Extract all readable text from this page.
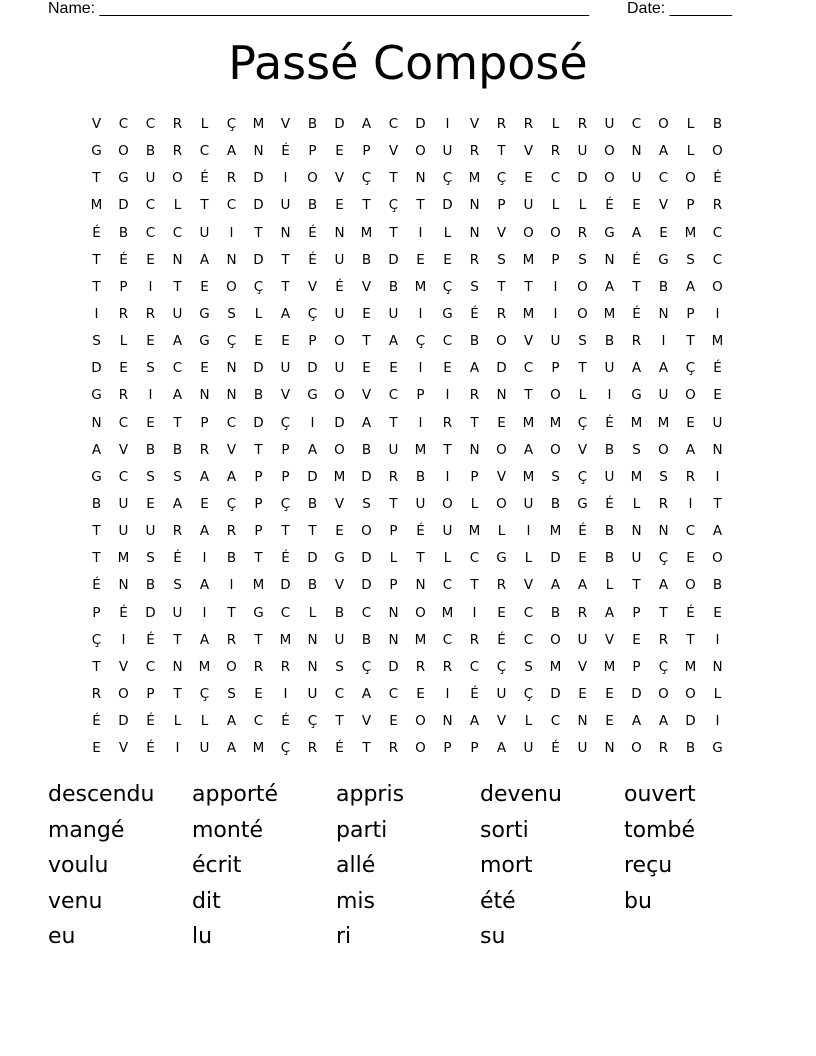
Name: _______________________________________________________ Date: _______
Passé Composé
V	C	C	R	L	Ç	M	V	B	D	A	C	D	I	V	R	R	L	R	U	C	O	L	B
G	O	B	R	C	A	N	É	P	E	P	V	O	U	R	T	V	R	U	O	N	A	L	O
T	G	U	O	É	R	D	I	O	V	Ç	T	N	Ç	M	Ç	E	C	D	O	U	C	O	É
M	D	C	L	T	C	D	U	B	E	T	Ç	T	D	N	P	U	L	L	É	E	V	P	R
É	B	C	C	U	I	T	N	É	N	M	T	I	L	N	V	O	O	R	G	A	E	M	C
T	É	E	N	A	N	D	T	É	U	B	D	E	E	R	S	M	P	S	N	É	G	S	C
T	P	I	T	E	O	Ç	T	V	É	V	B	M	Ç	S	T	T	I	O	A	T	B	A	O
I	R	R	U	G	S	L	A	Ç	U	E	U	I	G	É	R	M	I	O	M	É	N	P	I
S	L	E	A	G	Ç	E	E	P	O	T	A	Ç	C	B	O	V	U	S	B	R	I	T	M
D	E	S	C	E	N	D	U	D	U	E	E	I	E	A	D	C	P	T	U	A	A	Ç	É
G	R	I	A	N	N	B	V	G	O	V	C	P	I	R	N	T	O	L	I	G	U	O	E
N	C	E	T	P	C	D	Ç	I	D	A	T	I	R	T	E	M	M	Ç	É	M	M	E	U
A	V	B	B	R	V	T	P	A	O	B	U	M	T	N	O	A	O	V	B	S	O	A	N
G	C	S	S	A	A	P	P	D	M	D	R	B	I	P	V	M	S	Ç	U	M	S	R	I
B	U	E	A	E	Ç	P	Ç	B	V	S	T	U	O	L	O	U	B	G	É	L	R	I	T
T	U	U	R	A	R	P	T	T	E	O	P	É	U	M	L	I	M	É	B	N	N	C	A
T	M	S	É	I	B	T	É	D	G	D	L	T	L	C	G	L	D	E	B	U	Ç	E	O
É	N	B	S	A	I	M	D	B	V	D	P	N	C	T	R	V	A	A	L	T	A	O	B
P	É	D	U	I	T	G	C	L	B	C	N	O	M	I	E	C	B	R	A	P	T	É	E
Ç	I	É	T	A	R	T	M	N	U	B	N	M	C	R	É	C	O	U	V	E	R	T	I
T	V	C	N	M	O	R	R	N	S	Ç	D	R	R	C	Ç	S	M	V	M	P	Ç	M	N
R	O	P	T	Ç	S	E	I	U	C	A	C	E	I	É	U	Ç	D	E	E	D	O	O	L
É	D	É	L	L	A	C	É	Ç	T	V	E	O	N	A	V	L	C	N	E	A	A	D	I
E	V	É	I	U	A	M	Ç	R	É	T	R	O	P	P	A	U	É	U	N	O	R	B	G
descendu	apporté	appris	devenu	ouvert
mangé	monté	parti	sorti	tombé
voulu	écrit	allé	mort	reçu
venu	dit	mis	été	bu
eu	lu	ri	su
